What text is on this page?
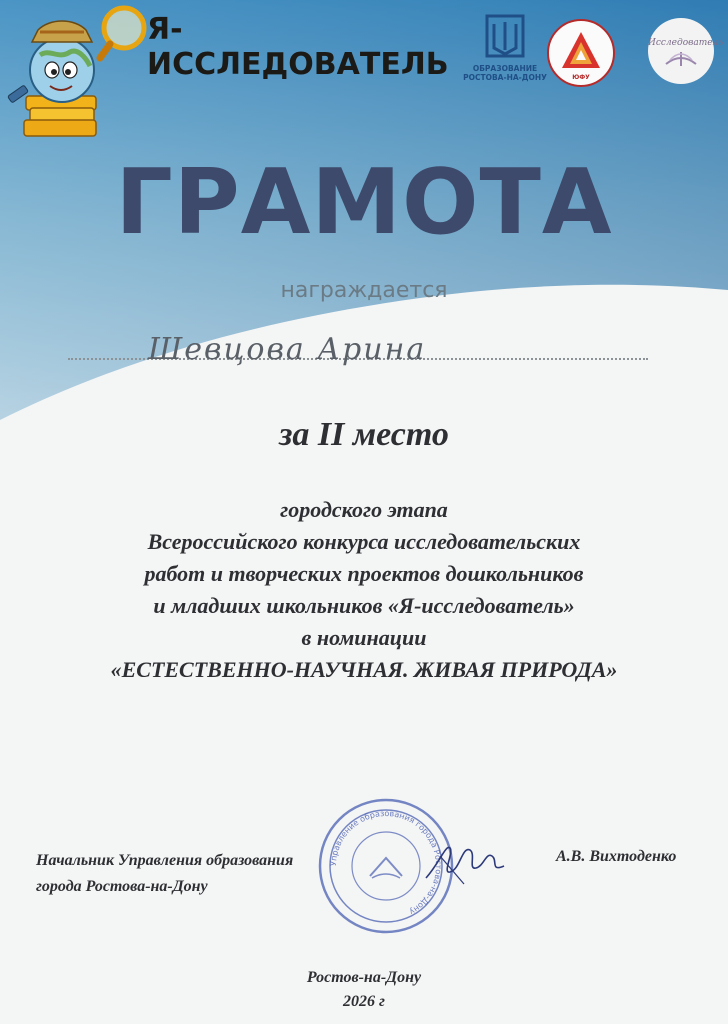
Я-ИССЛЕДОВАТЕЛЬ	ОБРАЗОВАНИЕ
РОСТОВА-НА-ДОНУ	ЮФУ
Исследователь
ГРАМОТА
награждается
Шевцова Арина
за II место
городского этапа
Всероссийского конкурса исследовательских
работ и творческих проектов дошкольников
и младших школьников «Я-исследователь»
в номинации
«ЕСТЕСТВЕННО-НАУЧНАЯ. ЖИВАЯ ПРИРОДА»
Управление образования города Ростова-на-Дону
Начальник Управления образования
города Ростова-на-Дону
А.В. Вихтоденко
Ростов-на-Дону
2026 г
